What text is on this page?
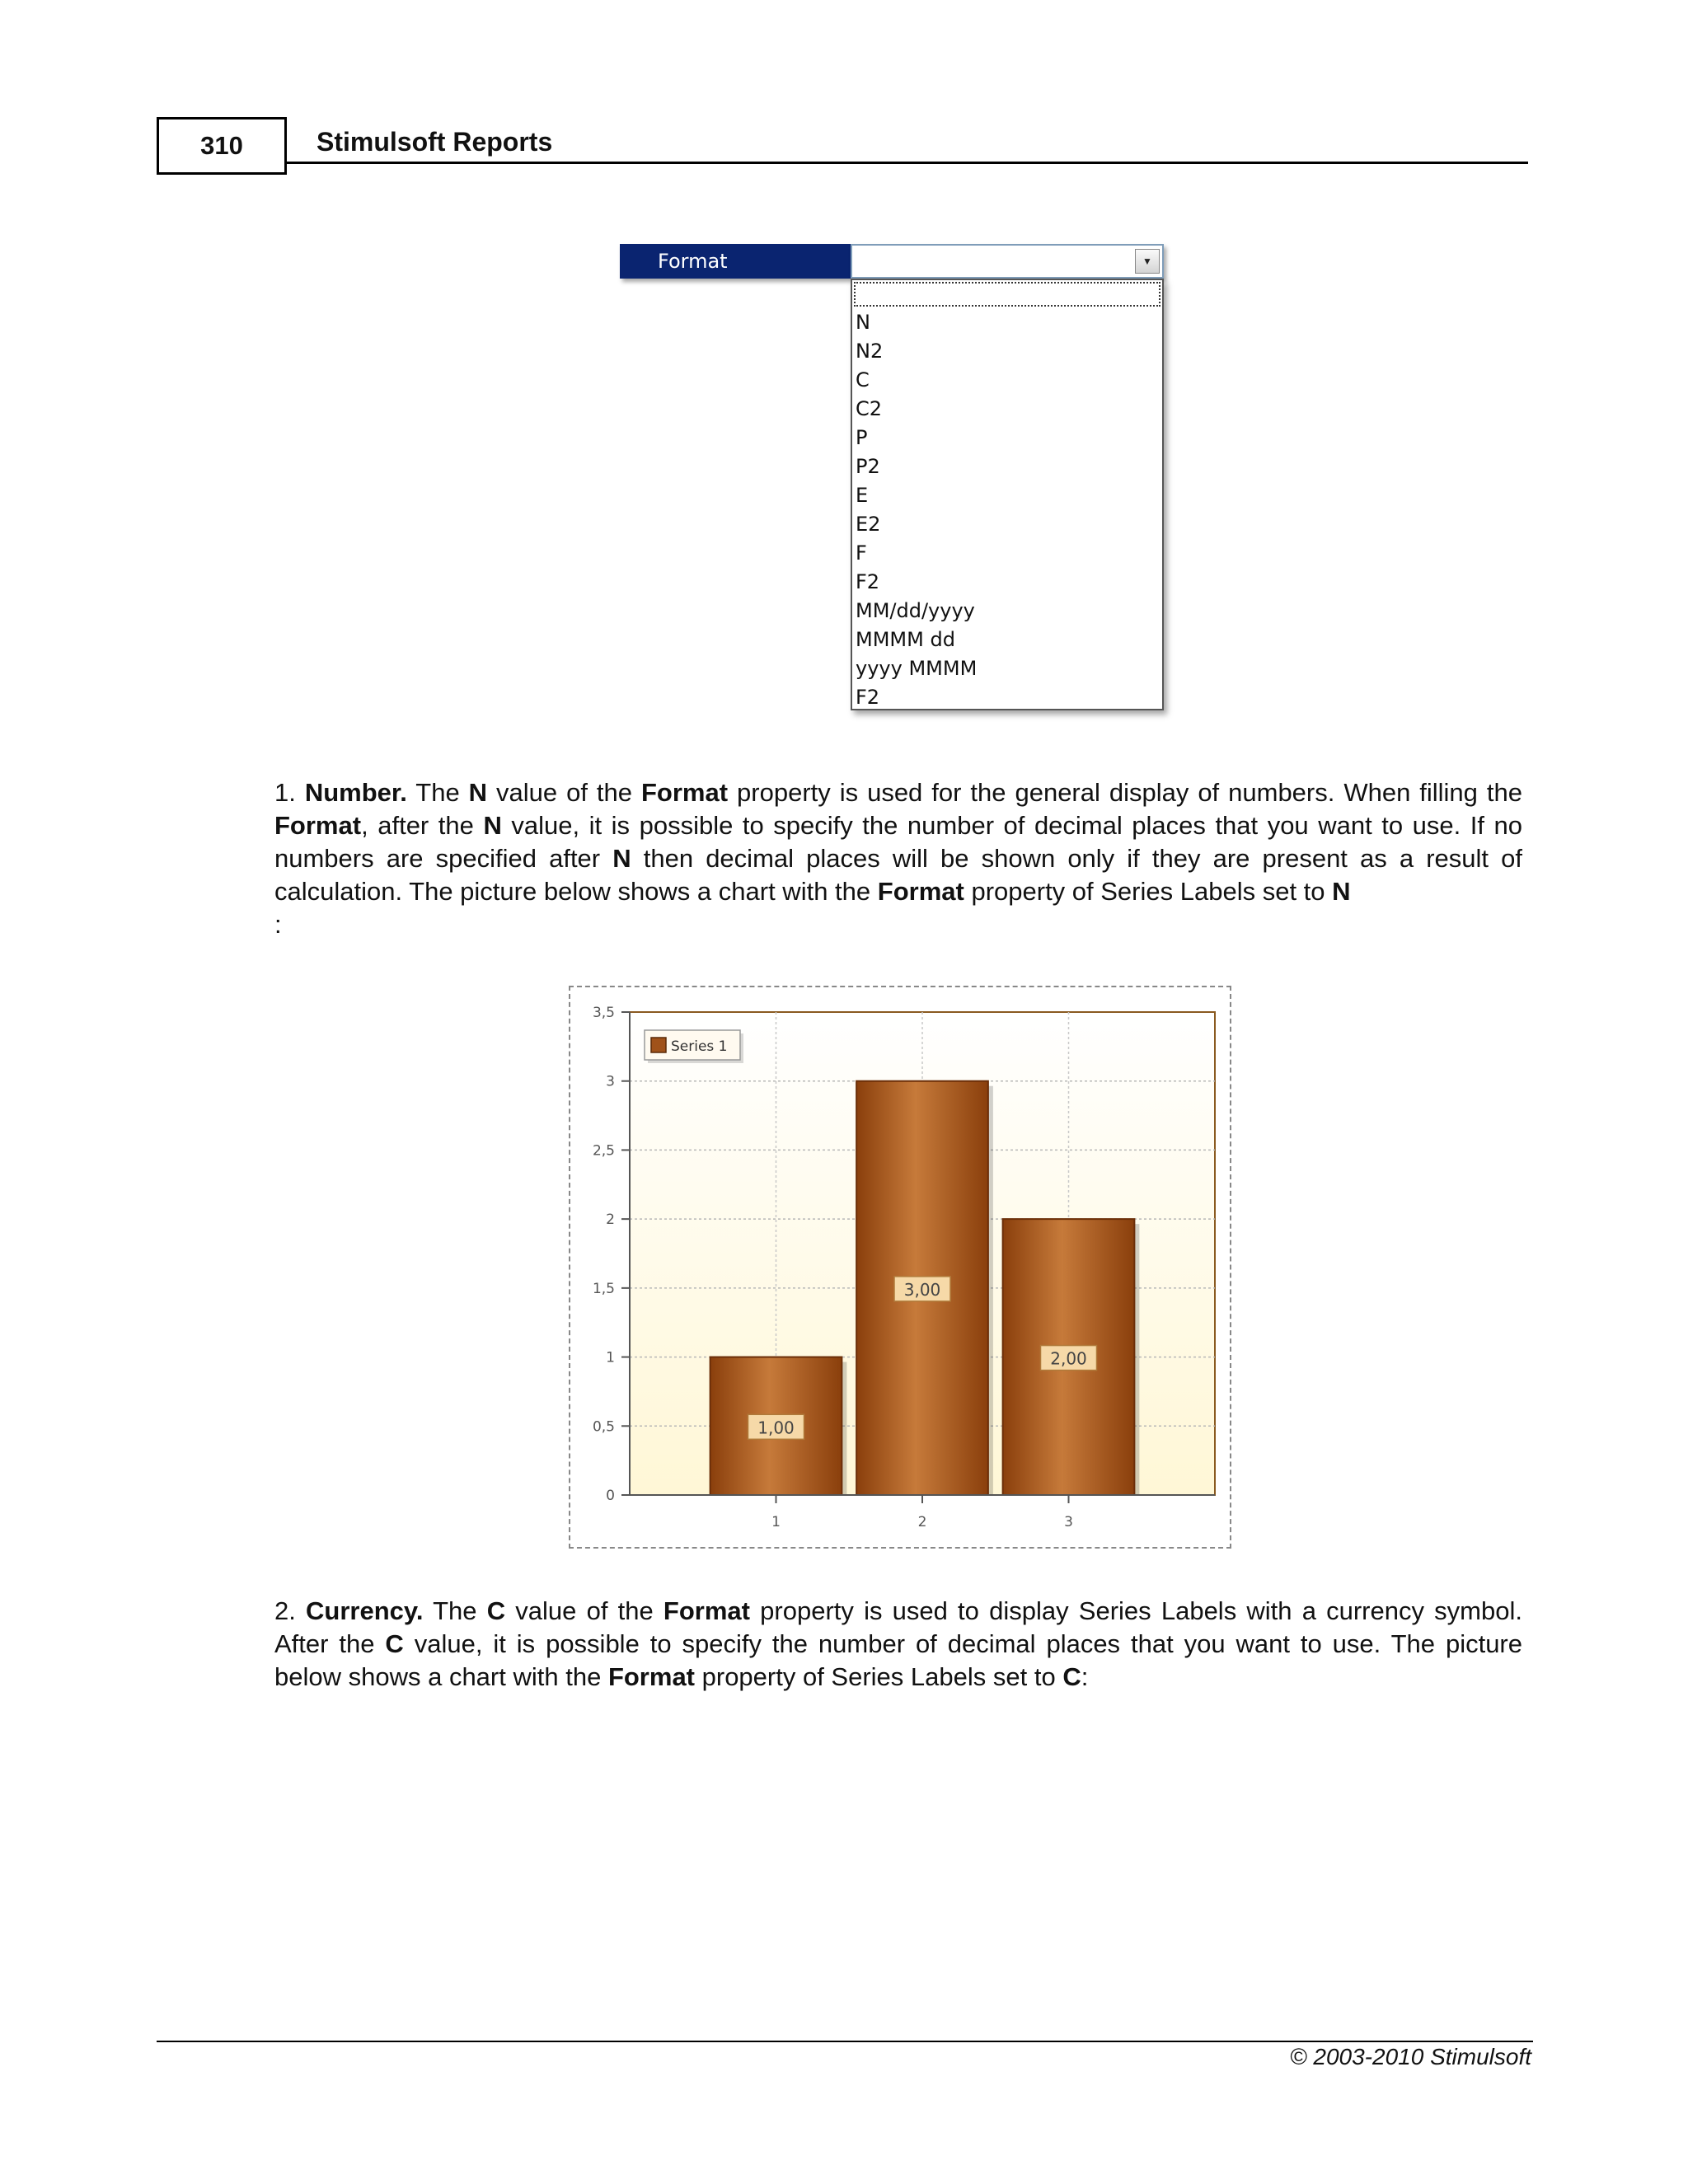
310	Stimulsoft Reports
Format	▼
N
N2
C
C2
P
P2
E
E2
F
F2
MM/dd/yyyy
MMMM dd
yyyy MMMM
F2
1. Number. The N value of the Format property is used for the general display of numbers. When filling the Format, after the N value, it is possible to specify the number of decimal places that you want to use. If no numbers are specified after N then decimal places will be shown only if they are present as a result of calculation. The picture below shows a chart with the Format property of Series Labels set to N
:
1,00
3,00
2,00
0
0,5
1
1,5
2
2,5
3
3,5
1	2	3
Series 1
2. Currency. The C value of the Format property is used to display Series Labels with a currency symbol. After the C value, it is possible to specify the number of decimal places that you want to use. The picture below shows a chart with the Format property of Series Labels set to C:
© 2003-2010 Stimulsoft
